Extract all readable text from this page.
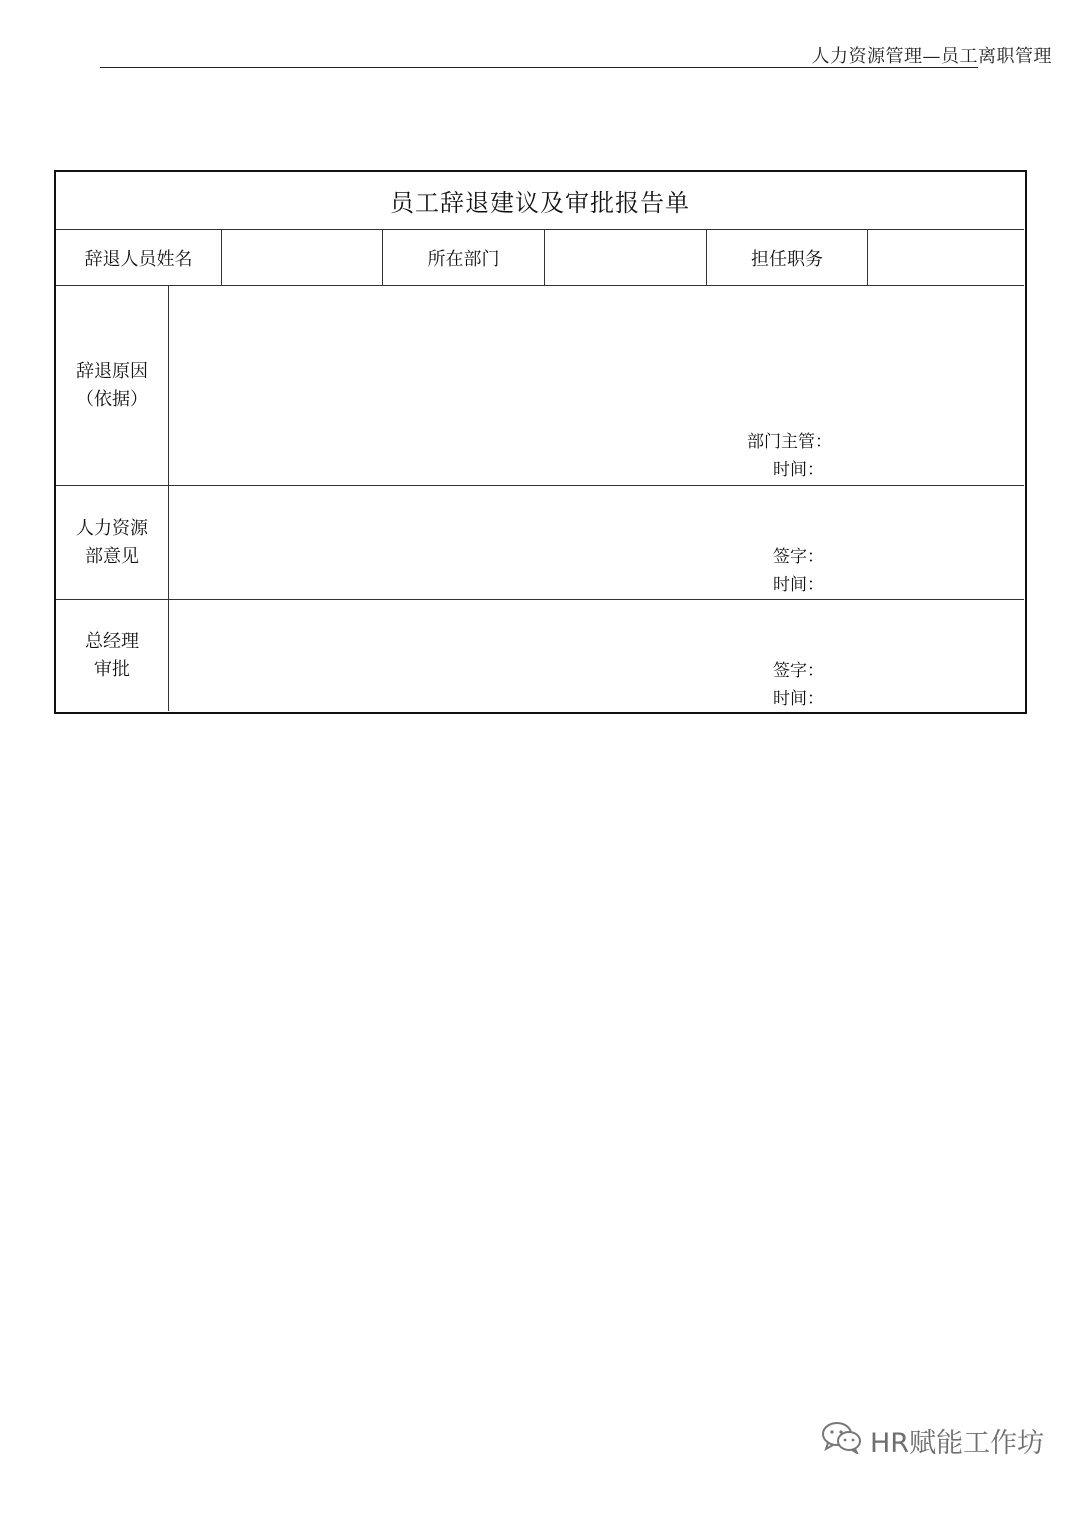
人力资源管理—员工离职管理
员工辞退建议及审批报告单
辞退人员姓名	所在部门	担任职务
辞退原因
（依据）
部门主管：
时间：
人力资源
部意见	签字：
时间：
总经理
审批	签字：
时间：
HR赋能工作坊
